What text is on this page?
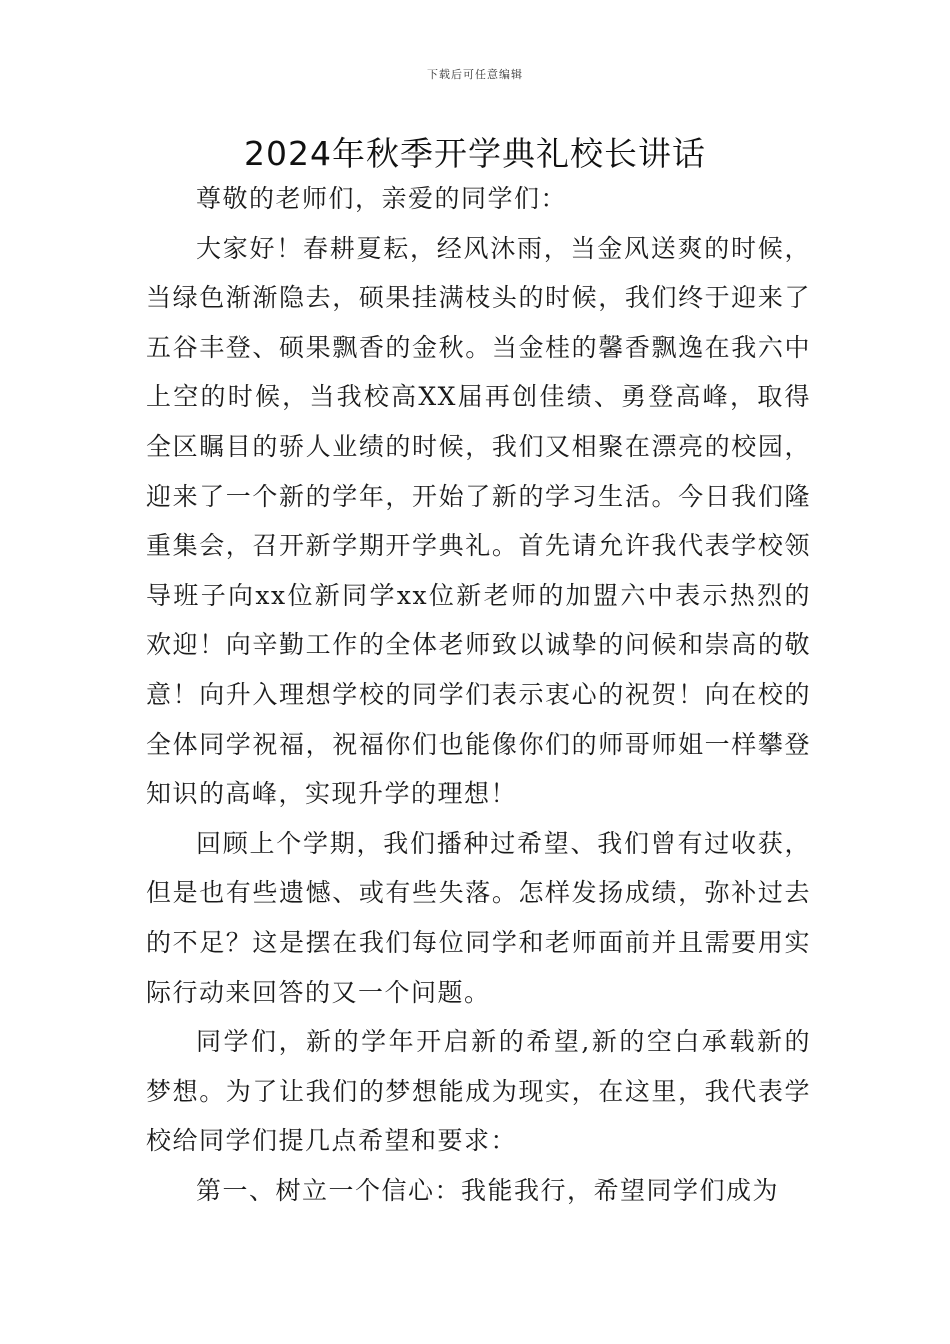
下载后可任意编辑
2024年秋季开学典礼校长讲话

尊敬的老师们，亲爱的同学们：

大家好！春耕夏耘，经风沐雨，当金风送爽的时候，当绿色渐渐隐去，硕果挂满枝头的时候，我们终于迎来了五谷丰登、硕果飘香的金秋。当金桂的馨香飘逸在我六中上空的时候，当我校高XX届再创佳绩、勇登高峰，取得全区瞩目的骄人业绩的时候，我们又相聚在漂亮的校园，迎来了一个新的学年，开始了新的学习生活。今日我们隆重集会，召开新学期开学典礼。首先请允许我代表学校领导班子向xx位新同学xx位新老师的加盟六中表示热烈的欢迎！向辛勤工作的全体老师致以诚挚的问候和崇高的敬意！向升入理想学校的同学们表示衷心的祝贺！向在校的全体同学祝福，祝福你们也能像你们的师哥师姐一样攀登知识的高峰，实现升学的理想！

回顾上个学期，我们播种过希望、我们曾有过收获，但是也有些遗憾、或有些失落。怎样发扬成绩，弥补过去的不足？这是摆在我们每位同学和老师面前并且需要用实际行动来回答的又一个问题。

同学们，新的学年开启新的希望,新的空白承载新的梦想。为了让我们的梦想能成为现实，在这里，我代表学校给同学们提几点希望和要求：

第一、树立一个信心：我能我行，希望同学们成为
